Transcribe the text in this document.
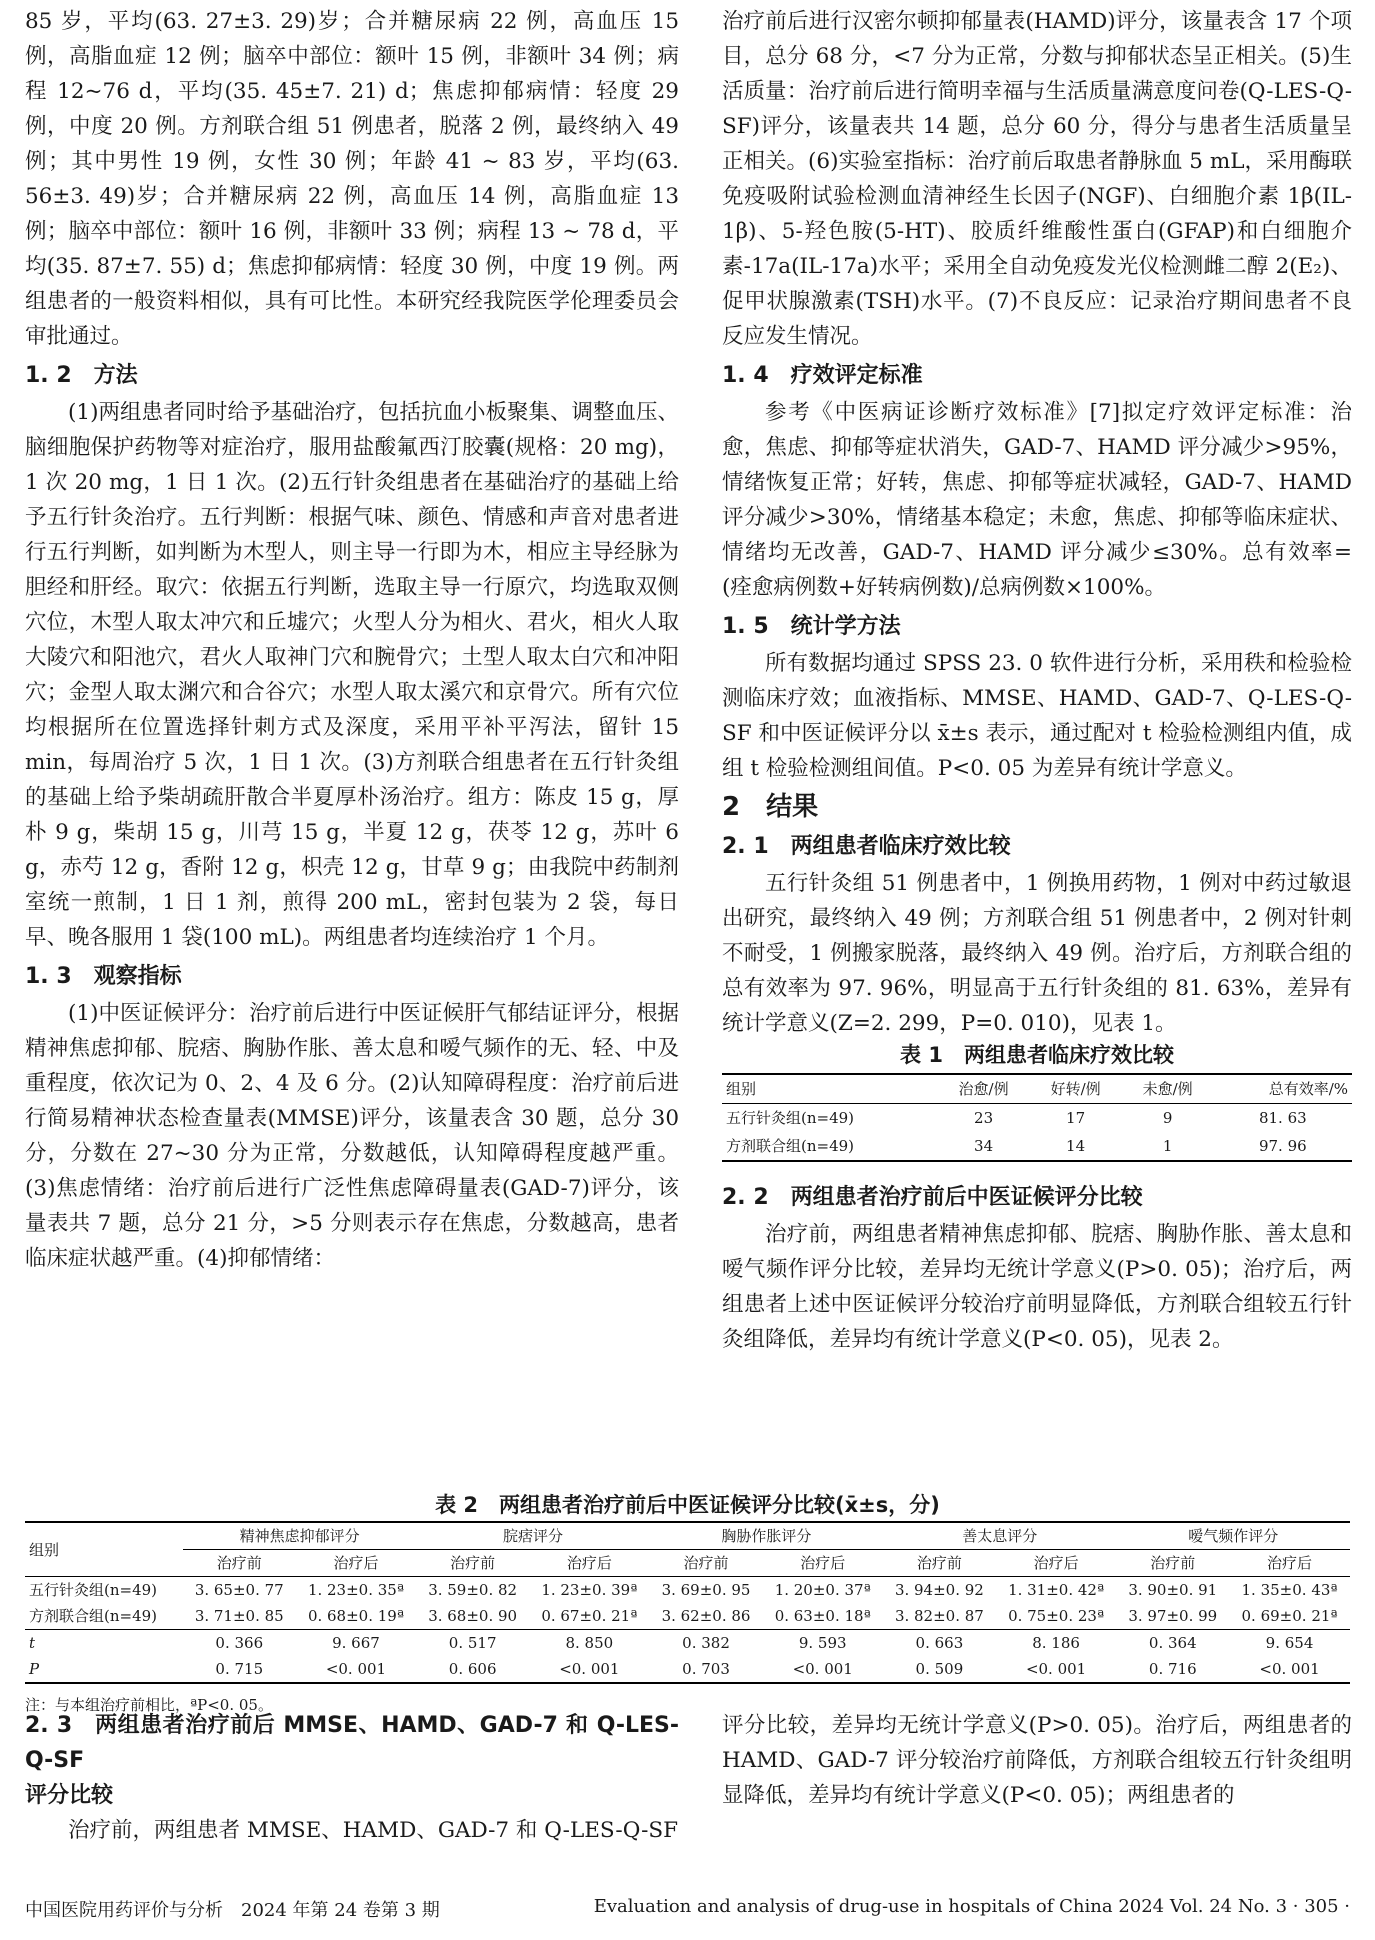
85 岁，平均(63. 27±3. 29)岁；合并糖尿病 22 例，高血压 15 例，高脂血症 12 例；脑卒中部位：额叶 15 例，非额叶 34 例；病程 12~76 d，平均(35. 45±7. 21) d；焦虑抑郁病情：轻度 29 例，中度 20 例。方剂联合组 51 例患者，脱落 2 例，最终纳入 49 例；其中男性 19 例，女性 30 例；年龄 41 ~ 83 岁，平均(63. 56±3. 49)岁；合并糖尿病 22 例，高血压 14 例，高脂血症 13 例；脑卒中部位：额叶 16 例，非额叶 33 例；病程 13 ~ 78 d，平均(35. 87±7. 55) d；焦虑抑郁病情：轻度 30 例，中度 19 例。两组患者的一般资料相似，具有可比性。本研究经我院医学伦理委员会审批通过。

1. 2　方法

(1)两组患者同时给予基础治疗，包括抗血小板聚集、调整血压、脑细胞保护药物等对症治疗，服用盐酸氟西汀胶囊(规格：20 mg)，1 次 20 mg，1 日 1 次。(2)五行针灸组患者在基础治疗的基础上给予五行针灸治疗。五行判断：根据气味、颜色、情感和声音对患者进行五行判断，如判断为木型人，则主导一行即为木，相应主导经脉为胆经和肝经。取穴：依据五行判断，选取主导一行原穴，均选取双侧穴位，木型人取太冲穴和丘墟穴；火型人分为相火、君火，相火人取大陵穴和阳池穴，君火人取神门穴和腕骨穴；土型人取太白穴和冲阳穴；金型人取太渊穴和合谷穴；水型人取太溪穴和京骨穴。所有穴位均根据所在位置选择针刺方式及深度，采用平补平泻法，留针 15 min，每周治疗 5 次，1 日 1 次。(3)方剂联合组患者在五行针灸组的基础上给予柴胡疏肝散合半夏厚朴汤治疗。组方：陈皮 15 g，厚朴 9 g，柴胡 15 g，川芎 15 g，半夏 12 g，茯苓 12 g，苏叶 6 g，赤芍 12 g，香附 12 g，枳壳 12 g，甘草 9 g；由我院中药制剂室统一煎制，1 日 1 剂，煎得 200 mL，密封包装为 2 袋，每日早、晚各服用 1 袋(100 mL)。两组患者均连续治疗 1 个月。

1. 3　观察指标

(1)中医证候评分：治疗前后进行中医证候肝气郁结证评分，根据精神焦虑抑郁、脘痞、胸胁作胀、善太息和嗳气频作的无、轻、中及重程度，依次记为 0、2、4 及 6 分。(2)认知障碍程度：治疗前后进行简易精神状态检查量表(MMSE)评分，该量表含 30 题，总分 30 分，分数在 27~30 分为正常，分数越低，认知障碍程度越严重。(3)焦虑情绪：治疗前后进行广泛性焦虑障碍量表(GAD-7)评分，该量表共 7 题，总分 21 分，>5 分则表示存在焦虑，分数越高，患者临床症状越严重。(4)抑郁情绪：

治疗前后进行汉密尔顿抑郁量表(HAMD)评分，该量表含 17 个项目，总分 68 分，<7 分为正常，分数与抑郁状态呈正相关。(5)生活质量：治疗前后进行简明幸福与生活质量满意度问卷(Q-LES-Q-SF)评分，该量表共 14 题，总分 60 分，得分与患者生活质量呈正相关。(6)实验室指标：治疗前后取患者静脉血 5 mL，采用酶联免疫吸附试验检测血清神经生长因子(NGF)、白细胞介素 1β(IL-1β)、5-羟色胺(5-HT)、胶质纤维酸性蛋白(GFAP)和白细胞介素-17a(IL-17a)水平；采用全自动免疫发光仪检测雌二醇 2(E₂)、促甲状腺激素(TSH)水平。(7)不良反应：记录治疗期间患者不良反应发生情况。

1. 4　疗效评定标准

参考《中医病证诊断疗效标准》[7]拟定疗效评定标准：治愈，焦虑、抑郁等症状消失，GAD-7、HAMD 评分减少>95%，情绪恢复正常；好转，焦虑、抑郁等症状减轻，GAD-7、HAMD 评分减少>30%，情绪基本稳定；未愈，焦虑、抑郁等临床症状、情绪均无改善，GAD-7、HAMD 评分减少≤30%。总有效率=(痊愈病例数+好转病例数)/总病例数×100%。

1. 5　统计学方法

所有数据均通过 SPSS 23. 0 软件进行分析，采用秩和检验检测临床疗效；血液指标、MMSE、HAMD、GAD-7、Q-LES-Q-SF 和中医证候评分以 x̄±s 表示，通过配对 t 检验检测组内值，成组 t 检验检测组间值。P<0. 05 为差异有统计学意义。

2　结果
2. 1　两组患者临床疗效比较

五行针灸组 51 例患者中，1 例换用药物，1 例对中药过敏退出研究，最终纳入 49 例；方剂联合组 51 例患者中，2 例对针刺不耐受，1 例搬家脱落，最终纳入 49 例。治疗后，方剂联合组的总有效率为 97. 96%，明显高于五行针灸组的 81. 63%，差异有统计学意义(Z=2. 299，P=0. 010)，见表 1。

表 1　两组患者临床疗效比较
组别	治愈/例	好转/例	未愈/例	总有效率/%
五行针灸组(n=49)	23	17	9	81. 63
方剂联合组(n=49)	34	14	1	97. 96
2. 2　两组患者治疗前后中医证候评分比较

治疗前，两组患者精神焦虑抑郁、脘痞、胸胁作胀、善太息和嗳气频作评分比较，差异均无统计学意义(P>0. 05)；治疗后，两组患者上述中医证候评分较治疗前明显降低，方剂联合组较五行针灸组降低，差异均有统计学意义(P<0. 05)，见表 2。

表 2　两组患者治疗前后中医证候评分比较(x̄±s，分)
组别	精神焦虑抑郁评分		脘痞评分		胸胁作胀评分		善太息评分		嗳气频作评分	
	治疗前	治疗后	治疗前	治疗后	治疗前	治疗后	治疗前	治疗后	治疗前	治疗后
五行针灸组(n=49)	3. 65±0. 77	1. 23±0. 35ª	3. 59±0. 82	1. 23±0. 39ª	3. 69±0. 95	1. 20±0. 37ª	3. 94±0. 92	1. 31±0. 42ª	3. 90±0. 91	1. 35±0. 43ª
方剂联合组(n=49)	3. 71±0. 85	0. 68±0. 19ª	3. 68±0. 90	0. 67±0. 21ª	3. 62±0. 86	0. 63±0. 18ª	3. 82±0. 87	0. 75±0. 23ª	3. 97±0. 99	0. 69±0. 21ª
t	0. 366	9. 667	0. 517	8. 850	0. 382	9. 593	0. 663	8. 186	0. 364	9. 654
P	0. 715	<0. 001	0. 606	<0. 001	0. 703	<0. 001	0. 509	<0. 001	0. 716	<0. 001
注：与本组治疗前相比，ªP<0. 05。
2. 3　两组患者治疗前后 MMSE、HAMD、GAD-7 和 Q-LES-Q-SF
评分比较

治疗前，两组患者 MMSE、HAMD、GAD-7 和 Q-LES-Q-SF

评分比较，差异均无统计学意义(P>0. 05)。治疗后，两组患者的 HAMD、GAD-7 评分较治疗前降低，方剂联合组较五行针灸组明显降低，差异均有统计学意义(P<0. 05)；两组患者的

中国医院用药评价与分析　2024 年第 24 卷第 3 期	Evaluation and analysis of drug-use in hospitals of China 2024 Vol. 24 No. 3 · 305 ·
